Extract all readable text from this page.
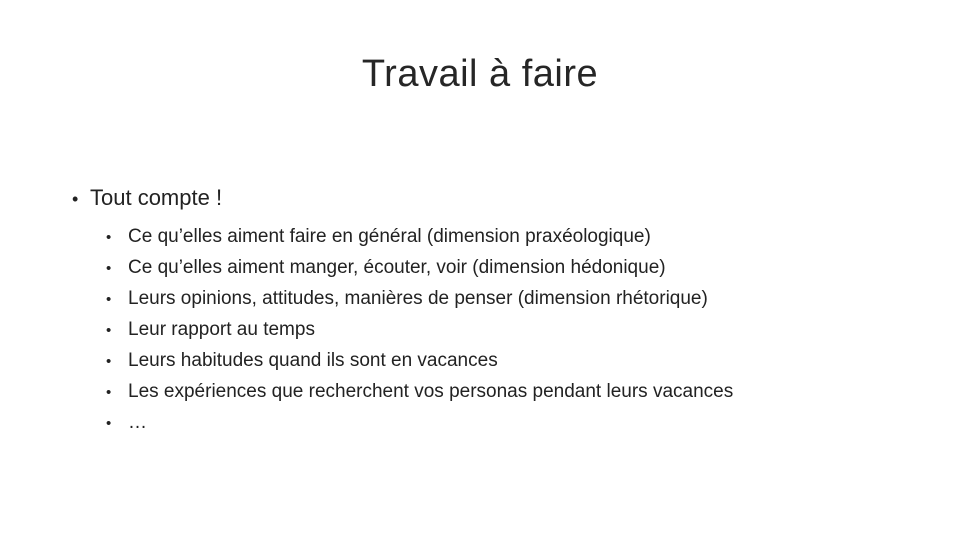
Travail à faire
• Tout compte !
• Ce qu’elles aiment faire en général (dimension praxéologique)
• Ce qu’elles aiment manger, écouter, voir (dimension hédonique)
• Leurs opinions, attitudes, manières de penser (dimension rhétorique)
• Leur rapport au temps
• Leurs habitudes quand ils sont en vacances
• Les expériences que recherchent vos personas pendant leurs vacances
• …
